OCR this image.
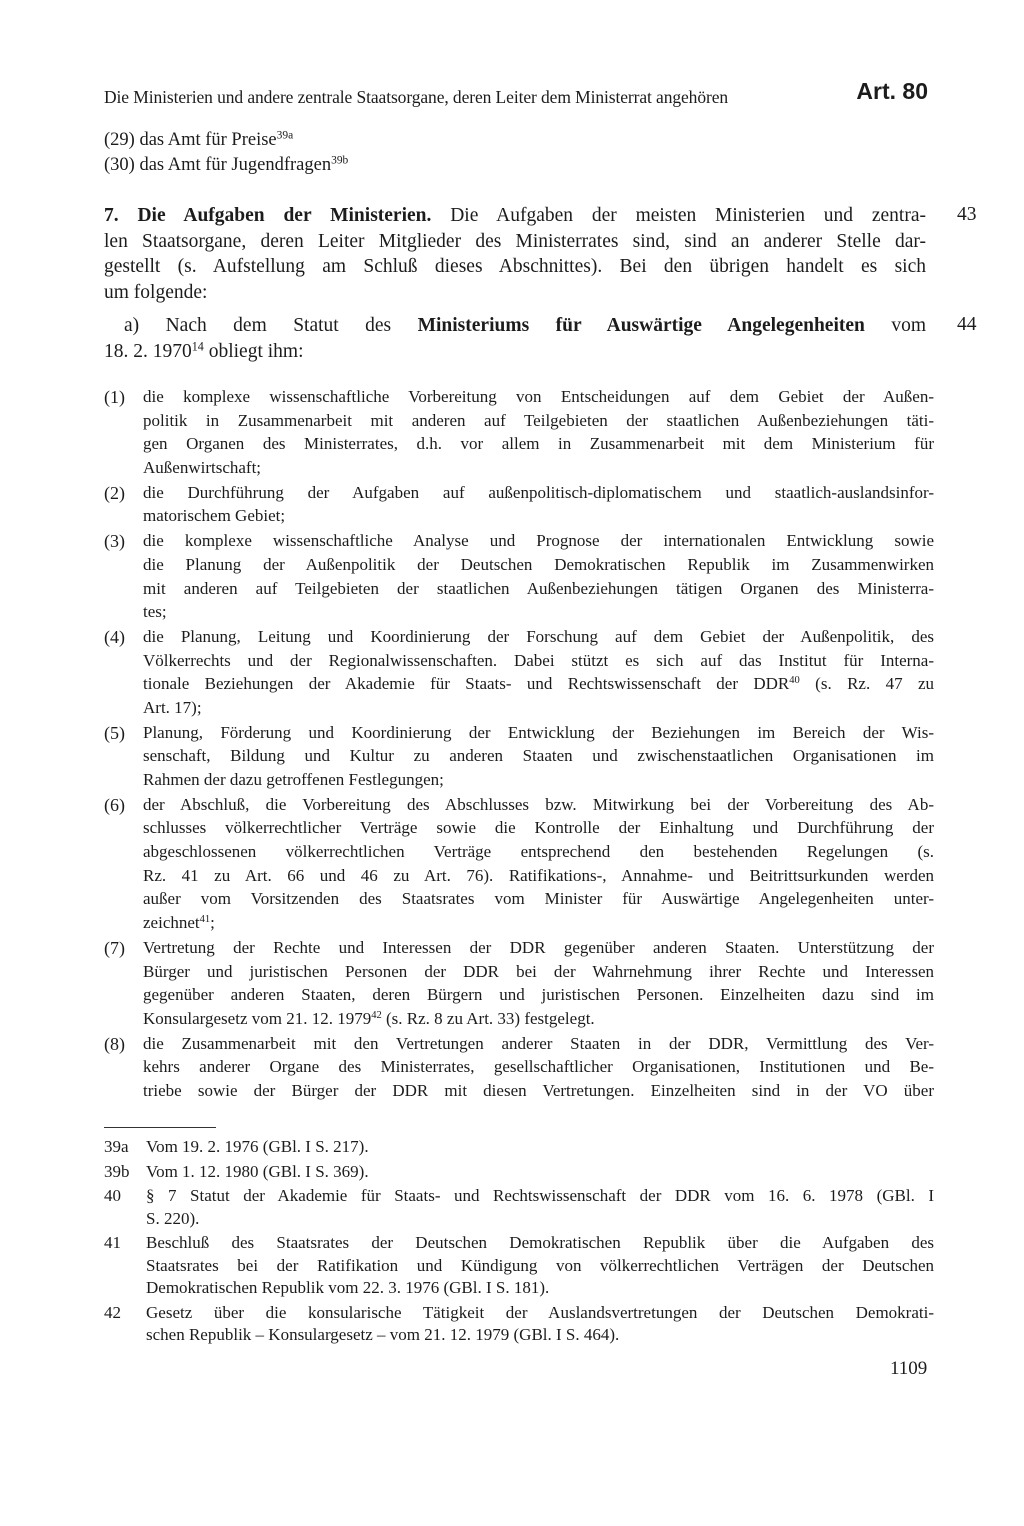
Die Ministerien und andere zentrale Staatsorgane, deren Leiter dem Ministerrat angehören	Art. 80
(29) das Amt für Preise$^{39a}$
(30) das Amt für Jugendfragen$^{39b}$
43
7. Die Aufgaben der Ministerien. Die Aufgaben der meisten Ministerien und zentra-
len Staatsorgane, deren Leiter Mitglieder des Ministerrates sind, sind an anderer Stelle dar-
gestellt (s. Aufstellung am Schluß dieses Abschnittes). Bei den übrigen handelt es sich
um folgende:
44
a) Nach dem Statut des Ministeriums für Auswärtige Angelegenheiten vom
18. 2. 1970$^{14}$ obliegt ihm:
(1) die komplexe wissenschaftliche Vorbereitung von Entscheidungen auf dem Gebiet der Außen-
politik in Zusammenarbeit mit anderen auf Teilgebieten der staatlichen Außenbeziehungen täti-
gen Organen des Ministerrates, d.h. vor allem in Zusammenarbeit mit dem Ministerium für
Außenwirtschaft;
(2) die Durchführung der Aufgaben auf außenpolitisch-diplomatischem und staatlich-auslandsinfor-
matorischem Gebiet;
(3) die komplexe wissenschaftliche Analyse und Prognose der internationalen Entwicklung sowie
die Planung der Außenpolitik der Deutschen Demokratischen Republik im Zusammenwirken
mit anderen auf Teilgebieten der staatlichen Außenbeziehungen tätigen Organen des Ministerra-
tes;
(4) die Planung, Leitung und Koordinierung der Forschung auf dem Gebiet der Außenpolitik, des
Völkerrechts und der Regionalwissenschaften. Dabei stützt es sich auf das Institut für Interna-
tionale Beziehungen der Akademie für Staats- und Rechtswissenschaft der DDR$^{40}$ (s. Rz. 47 zu
Art. 17);
(5) Planung, Förderung und Koordinierung der Entwicklung der Beziehungen im Bereich der Wis-
senschaft, Bildung und Kultur zu anderen Staaten und zwischenstaatlichen Organisationen im
Rahmen der dazu getroffenen Festlegungen;
(6) der Abschluß, die Vorbereitung des Abschlusses bzw. Mitwirkung bei der Vorbereitung des Ab-
schlusses völkerrechtlicher Verträge sowie die Kontrolle der Einhaltung und Durchführung der
abgeschlossenen völkerrechtlichen Verträge entsprechend den bestehenden Regelungen (s.
Rz. 41 zu Art. 66 und 46 zu Art. 76). Ratifikations-, Annahme- und Beitrittsurkunden werden
außer vom Vorsitzenden des Staatsrates vom Minister für Auswärtige Angelegenheiten unter-
zeichnet$^{41}$;
(7) Vertretung der Rechte und Interessen der DDR gegenüber anderen Staaten. Unterstützung der
Bürger und juristischen Personen der DDR bei der Wahrnehmung ihrer Rechte und Interessen
gegenüber anderen Staaten, deren Bürgern und juristischen Personen. Einzelheiten dazu sind im
Konsulargesetz vom 21. 12. 1979$^{42}$ (s. Rz. 8 zu Art. 33) festgelegt.
(8) die Zusammenarbeit mit den Vertretungen anderer Staaten in der DDR, Vermittlung des Ver-
kehrs anderer Organe des Ministerrates, gesellschaftlicher Organisationen, Institutionen und Be-
triebe sowie der Bürger der DDR mit diesen Vertretungen. Einzelheiten sind in der VO über
39a	Vom 19. 2. 1976 (GBl. I S. 217).
39b Vom 1. 12. 1980 (GBl. I S. 369).
40	§ 7 Statut der Akademie für Staats- und Rechtswissenschaft der DDR vom 16. 6. 1978 (GBl. I
S. 220).
41	Beschluß des Staatsrates der Deutschen Demokratischen Republik über die Aufgaben des
Staatsrates bei der Ratifikation und Kündigung von völkerrechtlichen Verträgen der Deutschen
Demokratischen Republik vom 22. 3. 1976 (GBl. I S. 181).
42	Gesetz über die konsularische Tätigkeit der Auslandsvertretungen der Deutschen Demokrati-
schen Republik – Konsulargesetz – vom 21. 12. 1979 (GBl. I S. 464).
1109
